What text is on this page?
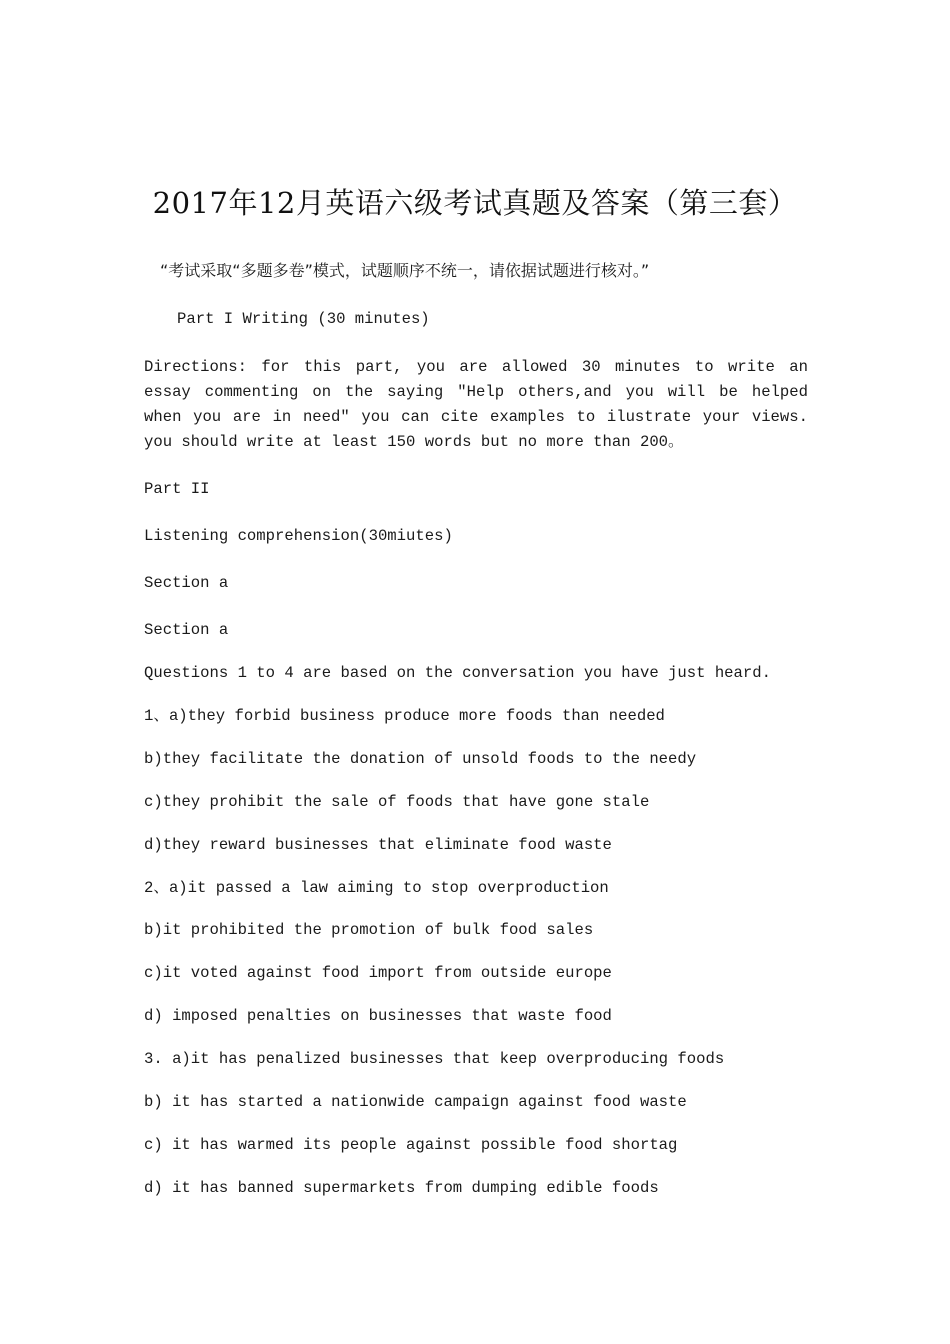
2017年12月英语六级考试真题及答案（第三套）

“考试采取“多题多卷”模式，试题顺序不统一，请依据试题进行核对。”

Part I Writing (30 minutes)

Directions: for this part, you are allowed 30 minutes to write an essay commenting on the saying "Help others,and you will be helped when you are in need" you can cite examples to ilustrate your views. you should write at least 150 words but no more than 200。

Part II

Listening comprehension(30miutes)

Section a

Section a

Questions 1 to 4 are based on the conversation you have just heard.

1、a)they forbid business produce more foods than needed

b)they facilitate the donation of unsold foods to the needy

c)they prohibit the sale of foods that have gone stale

d)they reward businesses that eliminate food waste

2、a)it passed a law aiming to stop overproduction

b)it prohibited the promotion of bulk food sales

c)it voted against food import from outside europe

d) imposed penalties on businesses that waste food

3. a)it has penalized businesses that keep overproducing foods

b) it has started a nationwide campaign against food waste

c) it has warmed its people against possible food shortag

d) it has banned supermarkets from dumping edible foods
